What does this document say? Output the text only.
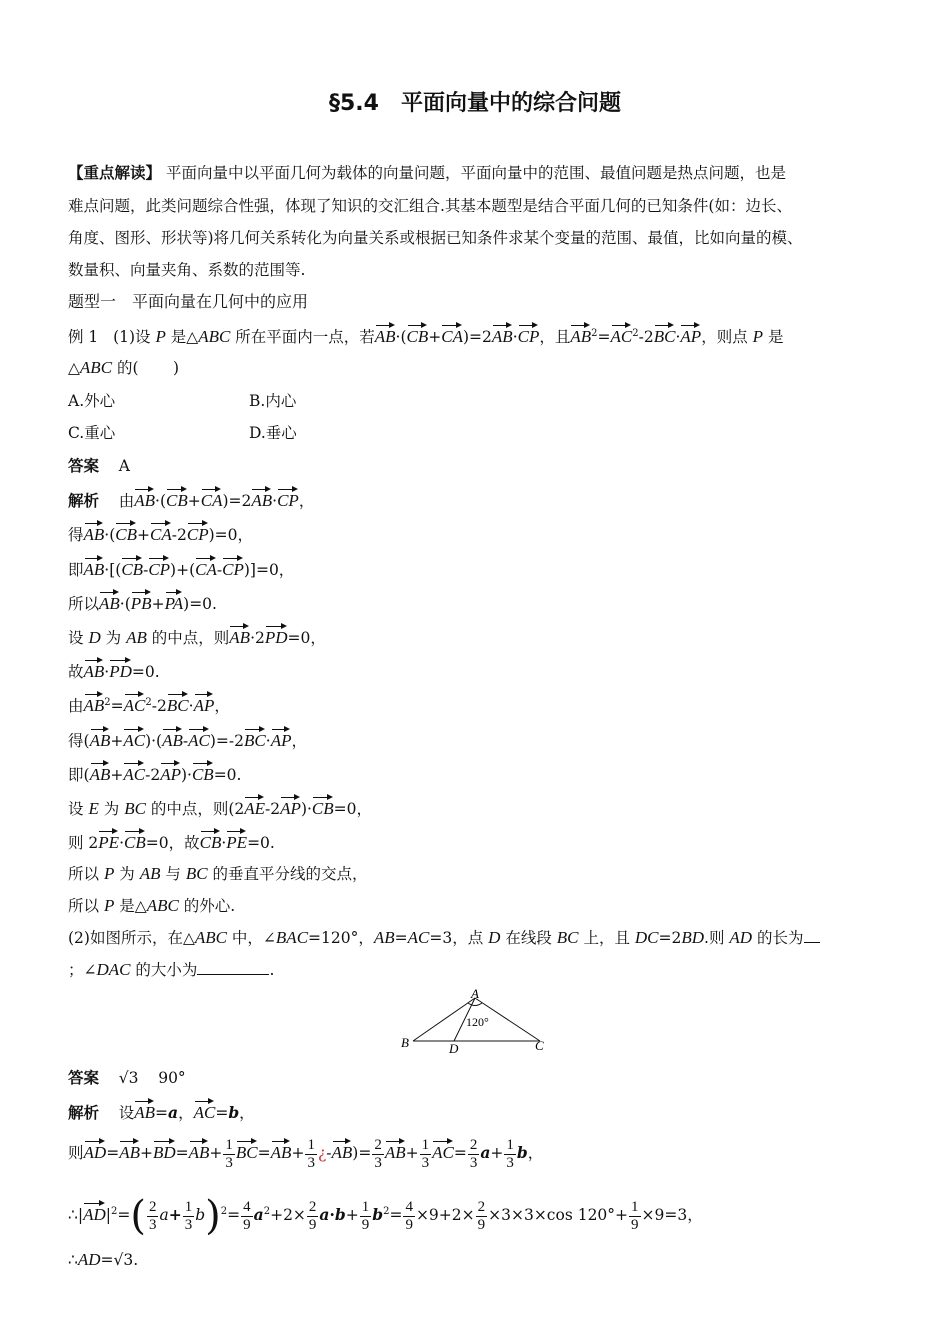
§5.4　平面向量中的综合问题
【重点解读】 平面向量中以平面几何为载体的向量问题，平面向量中的范围、最值问题是热点问题，也是
难点问题，此类问题综合性强，体现了知识的交汇组合.其基本题型是结合平面几何的已知条件(如：边长、
角度、图形、形状等)将几何关系转化为向量关系或根据已知条件求某个变量的范围、最值，比如向量的模、
数量积、向量夹角、系数的范围等.
题型一　平面向量在几何中的应用
例 1   (1)设 P 是△ABC 所在平面内一点，若AB·(CB+CA)=2AB·CP，且$AB^2=AC^2-2BC\cdot AP$，则点 P 是
△ABC 的(       )
A.外心	B.内心
C.重心	D.垂心
答案 A
解析    由AB·(CB+CA)=2AB·CP，
得AB·(CB+CA-2CP)=0，
即AB·[(CB-CP)+(CA-CP)]=0，
所以AB·(PB+PA)=0.
设 D 为 AB 的中点，则AB·2PD=0，
故AB·PD=0.
由$AB^2=AC^2-2BC\cdot AP$，
得(AB+AC)·(AB-AC)=-2BC·AP，
即(AB+AC-2AP)·CB=0.
设 E 为 BC 的中点，则(2AE-2AP)·CB=0，
则 2PE·CB=0，故CB·PE=0.
所以 P 为 AB 与 BC 的垂直平分线的交点，
所以 P 是△ABC 的外心.
(2)如图所示，在△ABC 中，∠BAC=120°，AB=AC=3，点 D 在线段 BC 上，且 DC=2BD.则 AD 的长为
；∠DAC 的大小为	.
A
B	C
D
120°
答案 √3 90°
解析    设AB=a，AC=b，
则$AD=AB+BD=AB+ \frac{1}{3} BC=AB+ \frac{1}{3}$ ¿$-AB)= \frac{2}{3} AB+ \frac{1}{3} AC= \frac{2}{3} a+ \frac{1}{3}$ b，
$\therefore|AD|^2=( \frac{2}{3} a+ \frac{1}{3} b)^2= \frac{4}{9} a^2+2\times \frac{2}{9} a\cdot b+ \frac{1}{9} b^2= \frac{4}{9} \times 9+2\times \frac{2}{9} \times 3\times 3\times\cos$ $120^\circ+ \frac{1}{9} \times 9=3$，
∴AD=√3.
